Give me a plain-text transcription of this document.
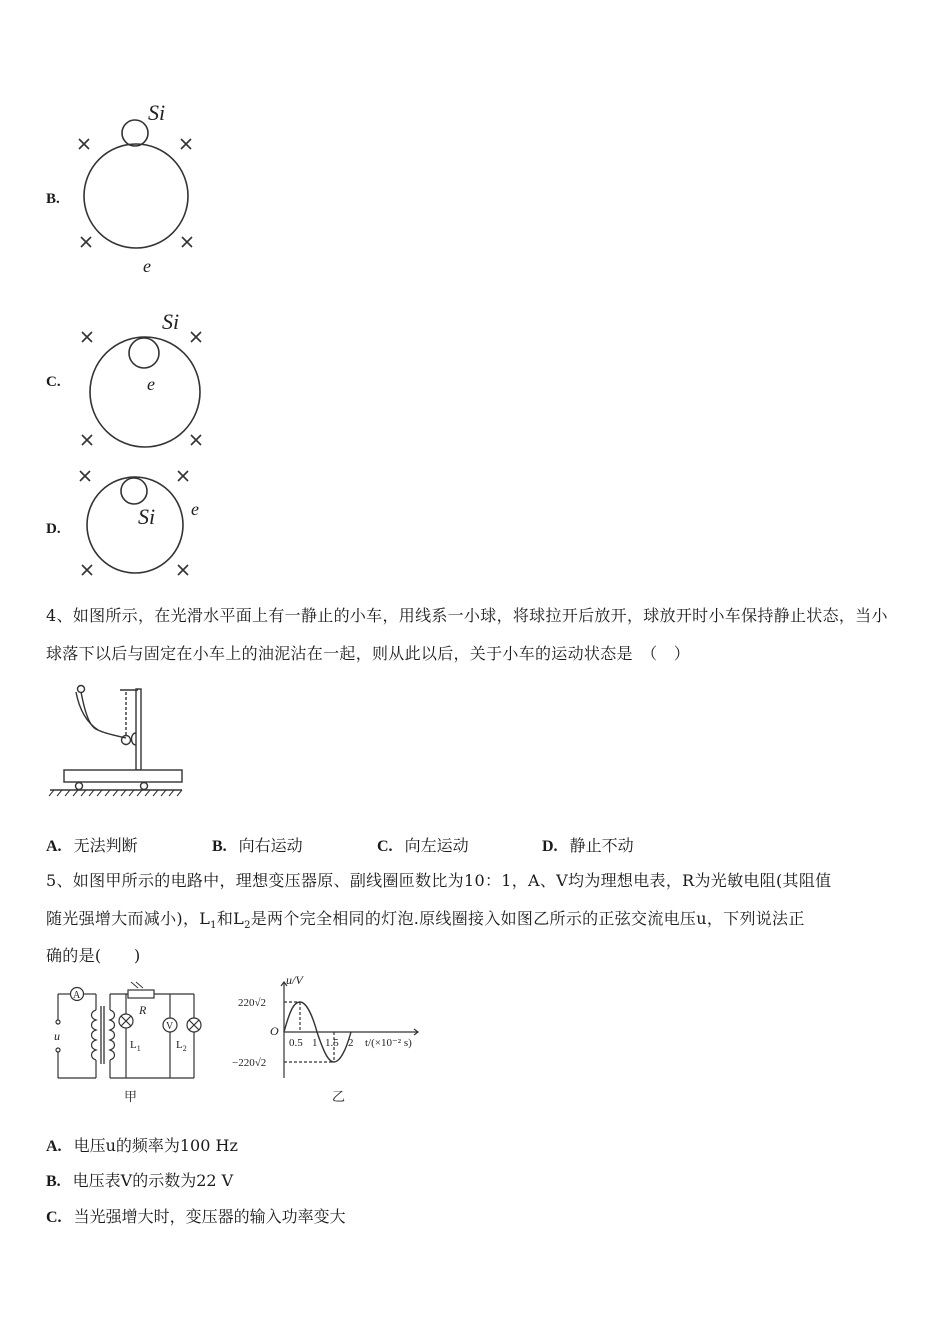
B.
Si
e
C.
Si
e
D.	Si e
4、如图所示，在光滑水平面上有一静止的小车，用线系一小球，将球拉开后放开，球放开时小车保持静止状态，当小
球落下以后与固定在小车上的油泥沾在一起，则从此以后，关于小车的运动状态是　（　）
A. 无法判断	B. 向右运动	C. 向左运动	D. 静止不动
5、如图甲所示的电路中，理想变压器原、副线圈匝数比为10：1，A、V均为理想电表，R为光敏电阻(其阻值
随光强增大而减小)，$L_1$和$L_2$是两个完全相同的灯泡.原线圈接入如图乙所示的正弦交流电压u，下列说法正
确的是(　　)
A
V
R
u
$L_1$	$L_2$
甲
u/V
220√2
−220√2
O
0.5 1 1.5 2 t/(×10⁻² s)
乙
A. 电压u的频率为100 Hz
B. 电压表V的示数为22 V
C. 当光强增大时，变压器的输入功率变大
